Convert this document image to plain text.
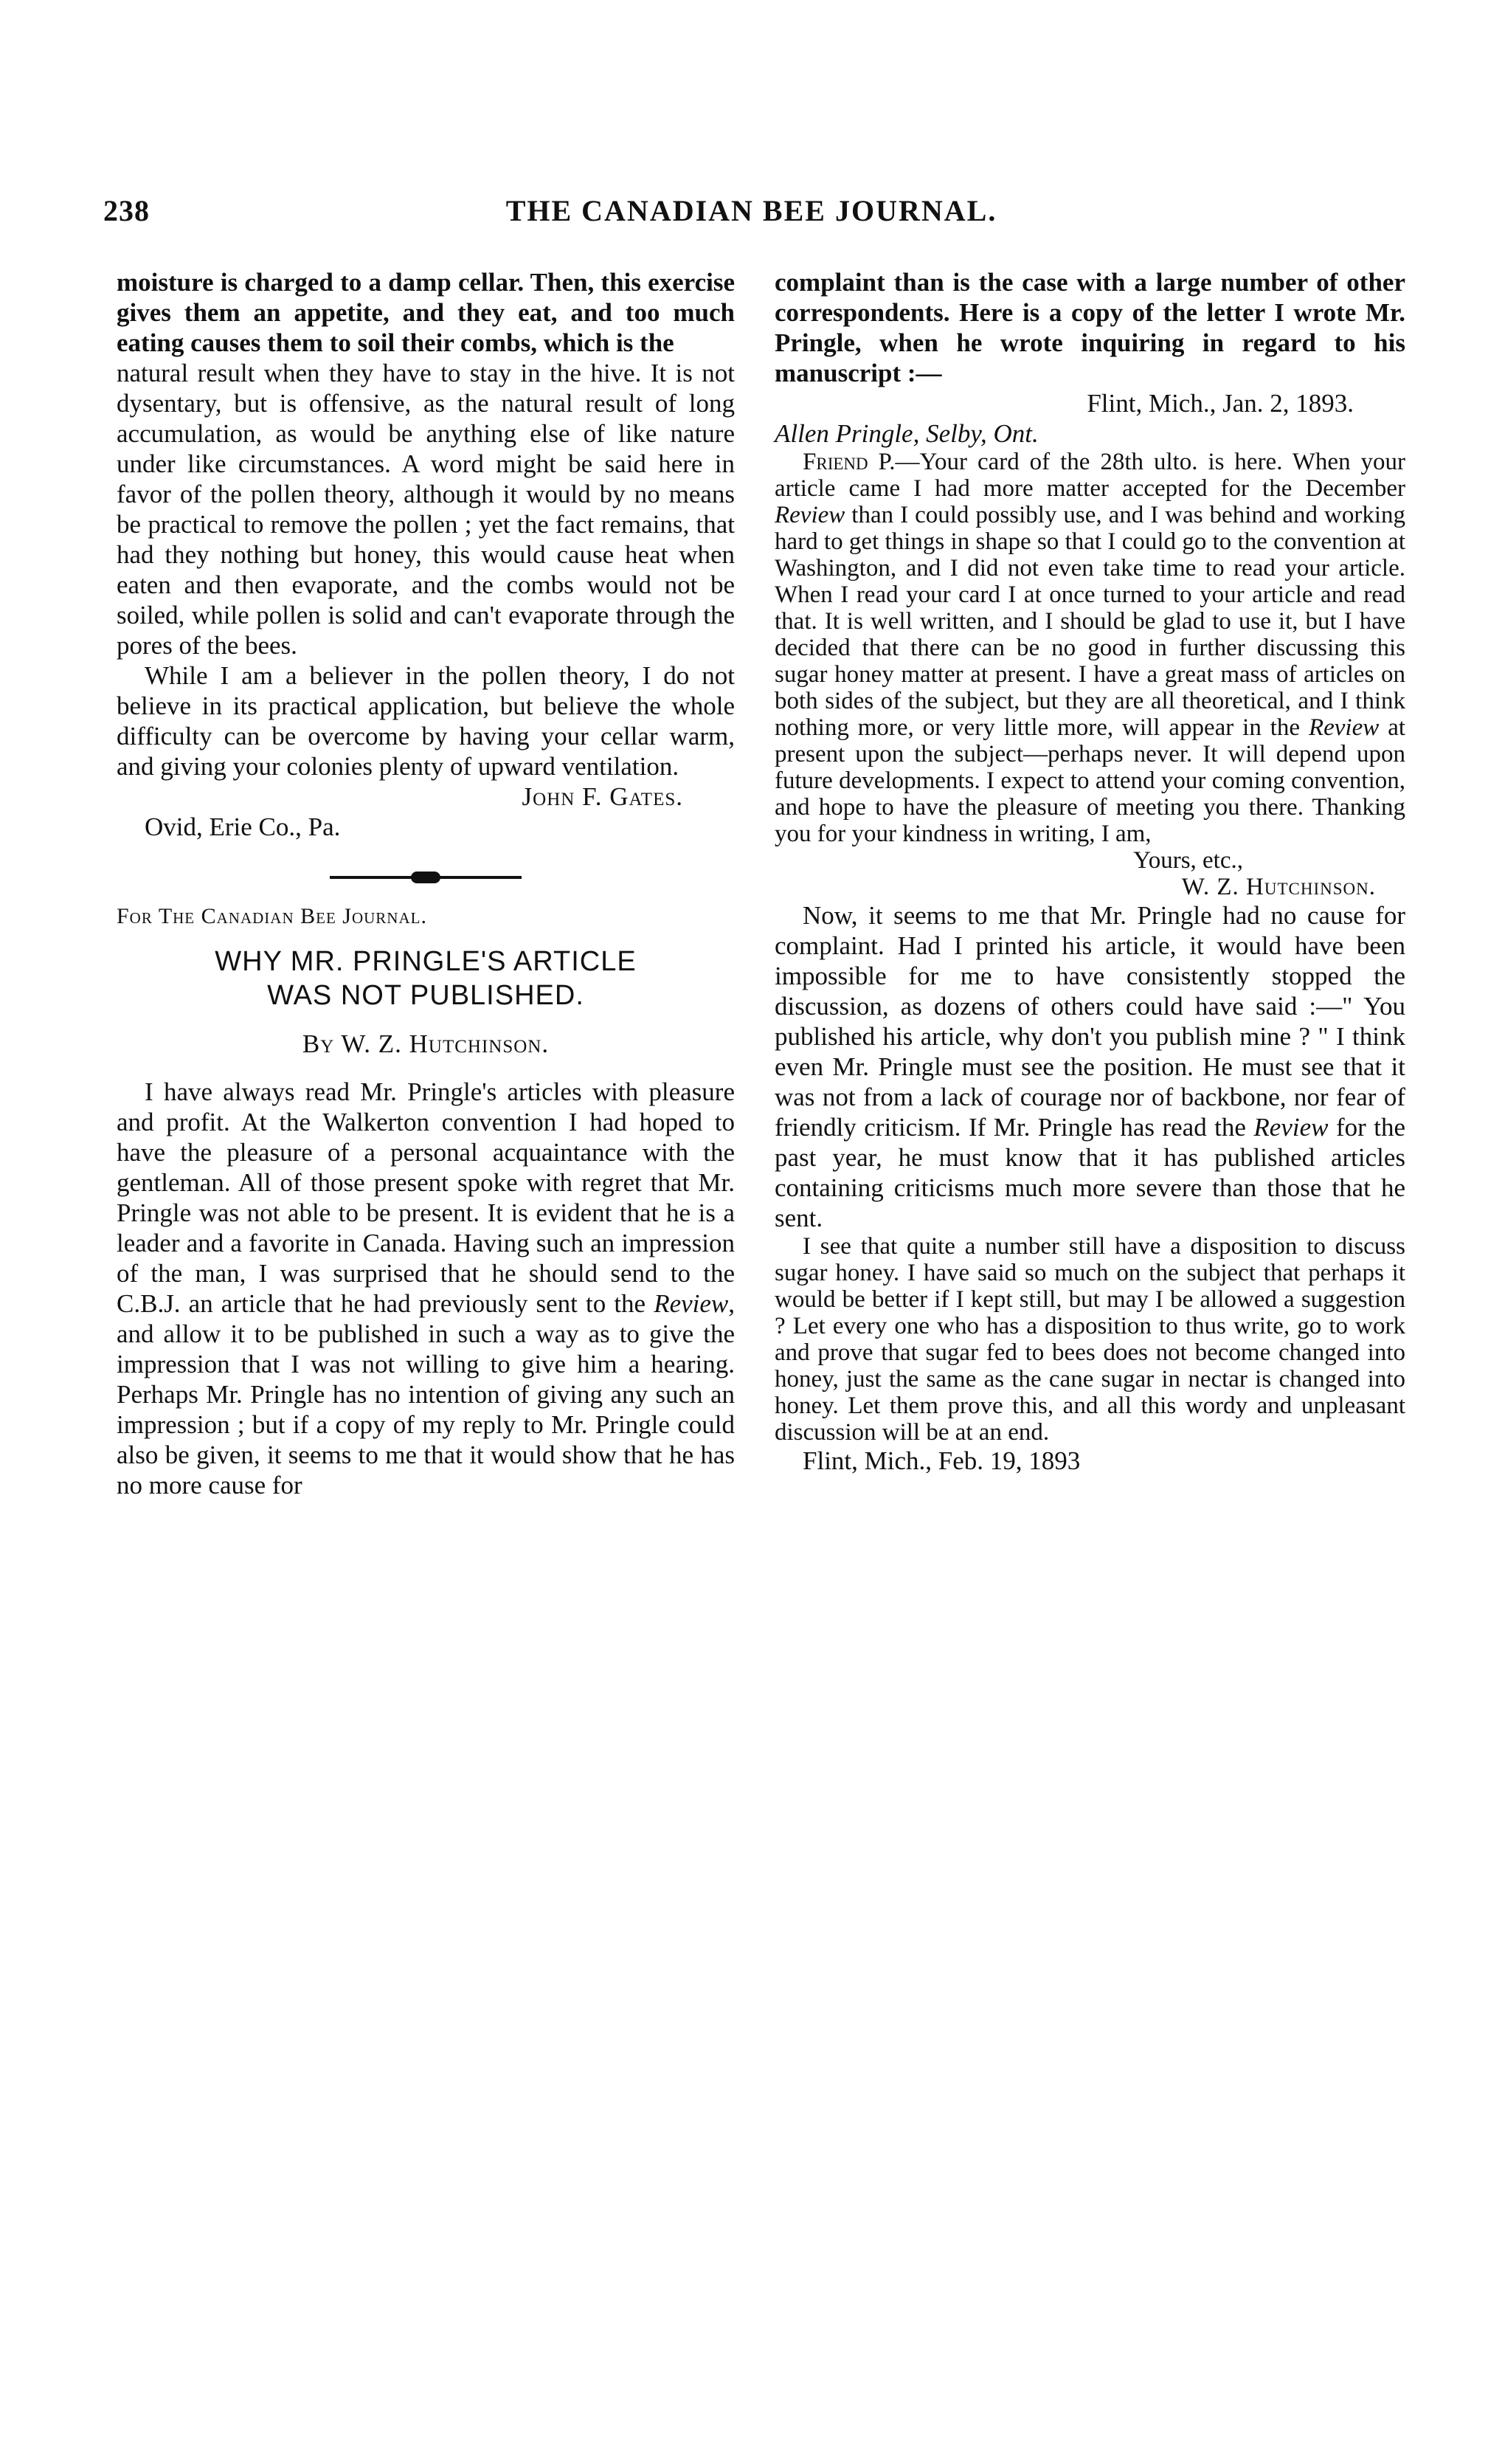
238	THE CANADIAN BEE JOURNAL.

moisture is charged to a damp cellar. Then, this exercise gives them an appetite, and they eat, and too much eating causes them to soil their combs, which is the

natural result when they have to stay in the hive. It is not dysentary, but is offensive, as the natural result of long accumulation, as would be anything else of like nature under like circumstances. A word might be said here in favor of the pollen theory, although it would by no means be practical to remove the pollen ; yet the fact remains, that had they nothing but honey, this would cause heat when eaten and then evaporate, and the combs would not be soiled, while pollen is solid and can't evaporate through the pores of the bees.

While I am a believer in the pollen theory, I do not believe in its practical application, but believe the whole difficulty can be overcome by having your cellar warm, and giving your colonies plenty of upward ventilation.

John F. Gates.

Ovid, Erie Co., Pa.

For The Canadian Bee Journal.

WHY MR. PRINGLE'S ARTICLE
WAS NOT PUBLISHED.

By W. Z. Hutchinson.

I have always read Mr. Pringle's articles with pleasure and profit. At the Walkerton convention I had hoped to have the pleasure of a personal acquaintance with the gentleman. All of those present spoke with regret that Mr. Pringle was not able to be present. It is evident that he is a leader and a favorite in Canada. Having such an impression of the man, I was surprised that he should send to the C.B.J. an article that he had previously sent to the Review, and allow it to be published in such a way as to give the impression that I was not willing to give him a hearing. Perhaps Mr. Pringle has no intention of giving any such an impression ; but if a copy of my reply to Mr. Pringle could also be given, it seems to me that it would show that he has no more cause for

complaint than is the case with a large number of other correspondents. Here is a copy of the letter I wrote Mr. Pringle, when he wrote inquiring in regard to his manuscript :—

Flint, Mich., Jan. 2, 1893.

Allen Pringle, Selby, Ont.

Friend P.—Your card of the 28th ulto. is here. When your article came I had more matter accepted for the December Review than I could possibly use, and I was behind and working hard to get things in shape so that I could go to the convention at Washington, and I did not even take time to read your article. When I read your card I at once turned to your article and read that. It is well written, and I should be glad to use it, but I have decided that there can be no good in further discussing this sugar honey matter at present. I have a great mass of articles on both sides of the subject, but they are all theoretical, and I think nothing more, or very little more, will appear in the Review at present upon the subject—perhaps never. It will depend upon future developments. I expect to attend your coming convention, and hope to have the pleasure of meeting you there. Thanking you for your kindness in writing, I am,

Yours, etc.,

W. Z. Hutchinson.

Now, it seems to me that Mr. Pringle had no cause for complaint. Had I printed his article, it would have been impossible for me to have consistently stopped the discussion, as dozens of others could have said :—" You published his article, why don't you publish mine ? " I think even Mr. Pringle must see the position. He must see that it was not from a lack of courage nor of backbone, nor fear of friendly criticism. If Mr. Pringle has read the Review for the past year, he must know that it has published articles containing criticisms much more severe than those that he sent.

I see that quite a number still have a disposition to discuss sugar honey. I have said so much on the subject that perhaps it would be better if I kept still, but may I be allowed a suggestion ? Let every one who has a disposition to thus write, go to work and prove that sugar fed to bees does not become changed into honey, just the same as the cane sugar in nectar is changed into honey. Let them prove this, and all this wordy and unpleasant discussion will be at an end.

Flint, Mich., Feb. 19, 1893
